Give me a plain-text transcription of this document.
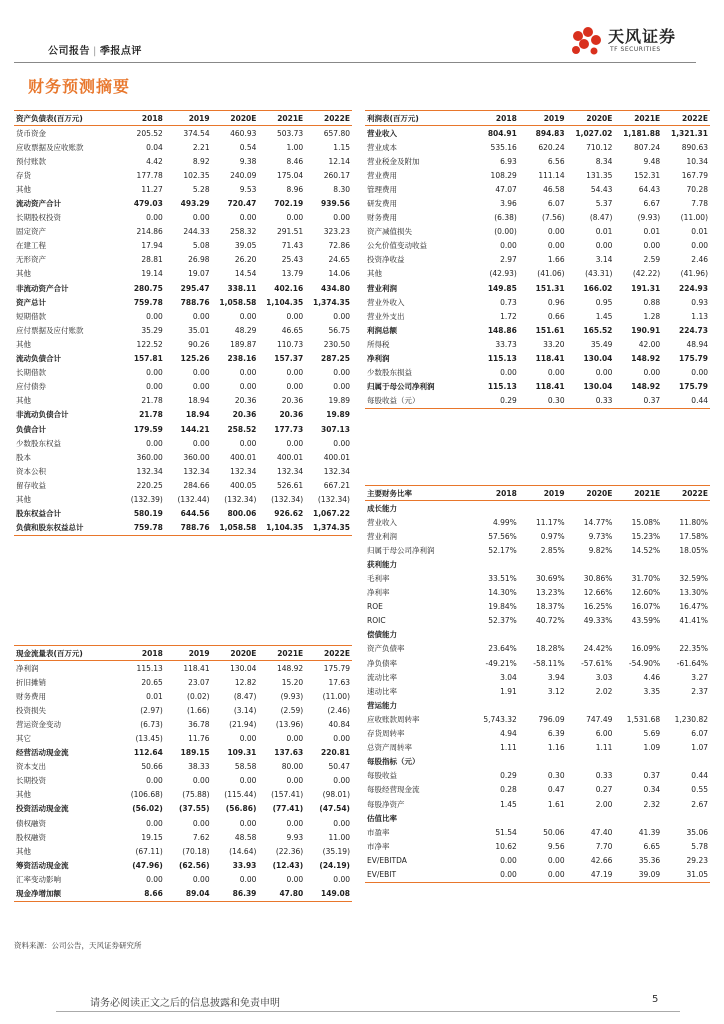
公司报告 | 季报点评
天风证券
TF SECURITIES
财务预测摘要
资产负债表(百万元)	2018	2019	2020E	2021E	2022E
货币资金	205.52	374.54	460.93	503.73	657.80
应收票据及应收账款	0.04	2.21	0.54	1.00	1.15
预付账款	4.42	8.92	9.38	8.46	12.14
存货	177.78	102.35	240.09	175.04	260.17
其他	11.27	5.28	9.53	8.96	8.30
流动资产合计	479.03	493.29	720.47	702.19	939.56
长期股权投资	0.00	0.00	0.00	0.00	0.00
固定资产	214.86	244.33	258.32	291.51	323.23
在建工程	17.94	5.08	39.05	71.43	72.86
无形资产	28.81	26.98	26.20	25.43	24.65
其他	19.14	19.07	14.54	13.79	14.06
非流动资产合计	280.75	295.47	338.11	402.16	434.80
资产总计	759.78	788.76	1,058.58	1,104.35	1,374.35
短期借款	0.00	0.00	0.00	0.00	0.00
应付票据及应付账款	35.29	35.01	48.29	46.65	56.75
其他	122.52	90.26	189.87	110.73	230.50
流动负债合计	157.81	125.26	238.16	157.37	287.25
长期借款	0.00	0.00	0.00	0.00	0.00
应付债券	0.00	0.00	0.00	0.00	0.00
其他	21.78	18.94	20.36	20.36	19.89
非流动负债合计	21.78	18.94	20.36	20.36	19.89
负债合计	179.59	144.21	258.52	177.73	307.13
少数股东权益	0.00	0.00	0.00	0.00	0.00
股本	360.00	360.00	400.01	400.01	400.01
资本公积	132.34	132.34	132.34	132.34	132.34
留存收益	220.25	284.66	400.05	526.61	667.21
其他	(132.39)	(132.44)	(132.34)	(132.34)	(132.34)
股东权益合计	580.19	644.56	800.06	926.62	1,067.22
负债和股东权益总计	759.78	788.76	1,058.58	1,104.35	1,374.35
现金流量表(百万元)	2018	2019	2020E	2021E	2022E
净利润	115.13	118.41	130.04	148.92	175.79
折旧摊销	20.65	23.07	12.82	15.20	17.63
财务费用	0.01	(0.02)	(8.47)	(9.93)	(11.00)
投资损失	(2.97)	(1.66)	(3.14)	(2.59)	(2.46)
营运资金变动	(6.73)	36.78	(21.94)	(13.96)	40.84
其它	(13.45)	11.76	0.00	0.00	0.00
经营活动现金流	112.64	189.15	109.31	137.63	220.81
资本支出	50.66	38.33	58.58	80.00	50.47
长期投资	0.00	0.00	0.00	0.00	0.00
其他	(106.68)	(75.88)	(115.44)	(157.41)	(98.01)
投资活动现金流	(56.02)	(37.55)	(56.86)	(77.41)	(47.54)
债权融资	0.00	0.00	0.00	0.00	0.00
股权融资	19.15	7.62	48.58	9.93	11.00
其他	(67.11)	(70.18)	(14.64)	(22.36)	(35.19)
筹资活动现金流	(47.96)	(62.56)	33.93	(12.43)	(24.19)
汇率变动影响	0.00	0.00	0.00	0.00	0.00
现金净增加额	8.66	89.04	86.39	47.80	149.08
利润表(百万元)	2018	2019	2020E	2021E	2022E
营业收入	804.91	894.83	1,027.02	1,181.88	1,321.31
营业成本	535.16	620.24	710.12	807.24	890.63
营业税金及附加	6.93	6.56	8.34	9.48	10.34
营业费用	108.29	111.14	131.35	152.31	167.79
管理费用	47.07	46.58	54.43	64.43	70.28
研发费用	3.96	6.07	5.37	6.67	7.78
财务费用	(6.38)	(7.56)	(8.47)	(9.93)	(11.00)
资产减值损失	(0.00)	0.00	0.01	0.01	0.01
公允价值变动收益	0.00	0.00	0.00	0.00	0.00
投资净收益	2.97	1.66	3.14	2.59	2.46
其他	(42.93)	(41.06)	(43.31)	(42.22)	(41.96)
营业利润	149.85	151.31	166.02	191.31	224.93
营业外收入	0.73	0.96	0.95	0.88	0.93
营业外支出	1.72	0.66	1.45	1.28	1.13
利润总额	148.86	151.61	165.52	190.91	224.73
所得税	33.73	33.20	35.49	42.00	48.94
净利润	115.13	118.41	130.04	148.92	175.79
少数股东损益	0.00	0.00	0.00	0.00	0.00
归属于母公司净利润	115.13	118.41	130.04	148.92	175.79
每股收益（元）	0.29	0.30	0.33	0.37	0.44
主要财务比率	2018	2019	2020E	2021E	2022E
成长能力					
营业收入	4.99%	11.17%	14.77%	15.08%	11.80%
营业利润	57.56%	0.97%	9.73%	15.23%	17.58%
归属于母公司净利润	52.17%	2.85%	9.82%	14.52%	18.05%
获利能力					
毛利率	33.51%	30.69%	30.86%	31.70%	32.59%
净利率	14.30%	13.23%	12.66%	12.60%	13.30%
ROE	19.84%	18.37%	16.25%	16.07%	16.47%
ROIC	52.37%	40.72%	49.33%	43.59%	41.41%
偿债能力					
资产负债率	23.64%	18.28%	24.42%	16.09%	22.35%
净负债率	-49.21%	-58.11%	-57.61%	-54.90%	-61.64%
流动比率	3.04	3.94	3.03	4.46	3.27
速动比率	1.91	3.12	2.02	3.35	2.37
营运能力					
应收账款周转率	5,743.32	796.09	747.49	1,531.68	1,230.82
存货周转率	4.94	6.39	6.00	5.69	6.07
总资产周转率	1.11	1.16	1.11	1.09	1.07
每股指标（元）					
每股收益	0.29	0.30	0.33	0.37	0.44
每股经营现金流	0.28	0.47	0.27	0.34	0.55
每股净资产	1.45	1.61	2.00	2.32	2.67
估值比率					
市盈率	51.54	50.06	47.40	41.39	35.06
市净率	10.62	9.56	7.70	6.65	5.78
EV/EBITDA	0.00	0.00	42.66	35.36	29.23
EV/EBIT	0.00	0.00	47.19	39.09	31.05
资料来源：公司公告，天风证券研究所
请务必阅读正文之后的信息披露和免责申明	5
